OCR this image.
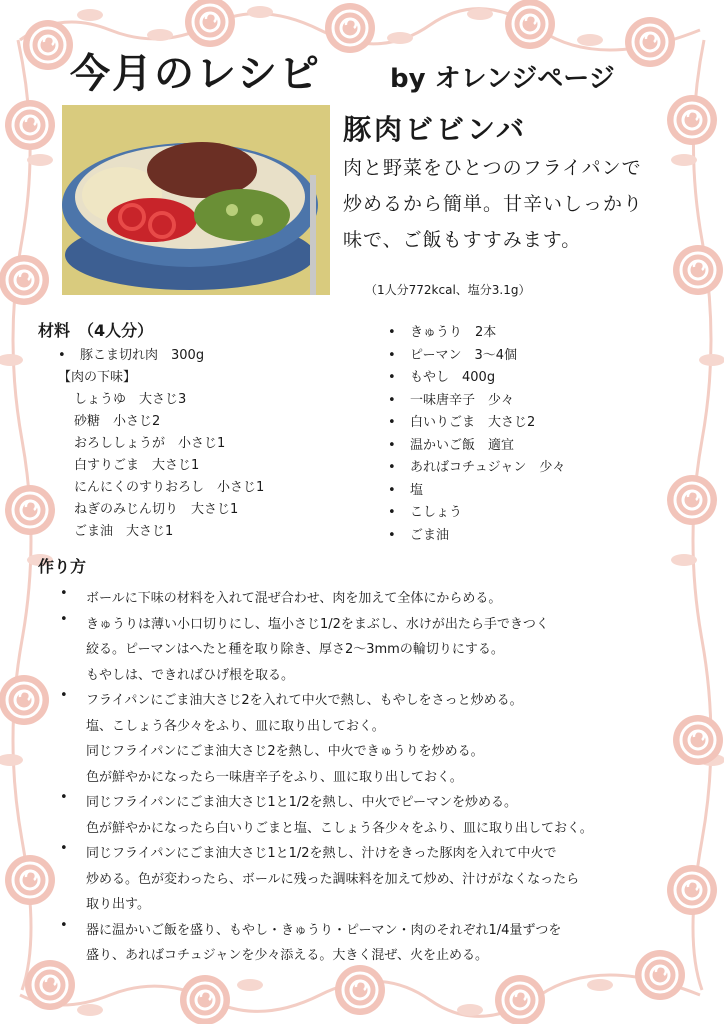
今月のレシピ	by オレンジページ
豚肉ビビンバ
肉と野菜をひとつのフライパンで
炒めるから簡単。甘辛いしっかり
味で、ご飯もすすみます。
（1人分772kcal、塩分3.1g）
材料　（4人分）
• 豚こま切れ肉　300g
【肉の下味】
しょうゆ　大さじ3
砂糖　小さじ2
おろししょうが　小さじ1
白すりごま　大さじ1
にんにくのすりおろし　小さじ1
ねぎのみじん切り　大さじ1
ごま油　大さじ1
• きゅうり　2本
• ピーマン　3〜4個
• もやし　400g
• 一味唐辛子　少々
• 白いりごま　大さじ2
• 温かいご飯　適宜
• あればコチュジャン　少々
• 塩
• こしょう
• ごま油
作り方
• ボールに下味の材料を入れて混ぜ合わせ、肉を加えて全体にからめる。
• きゅうりは薄い小口切りにし、塩小さじ1/2をまぶし、水けが出たら手できつく
絞る。ピーマンはへたと種を取り除き、厚さ2〜3mmの輪切りにする。
もやしは、できればひげ根を取る。
• フライパンにごま油大さじ2を入れて中火で熱し、もやしをさっと炒める。
塩、こしょう各少々をふり、皿に取り出しておく。
同じフライパンにごま油大さじ2を熱し、中火できゅうりを炒める。
色が鮮やかになったら一味唐辛子をふり、皿に取り出しておく。
• 同じフライパンにごま油大さじ1と1/2を熱し、中火でピーマンを炒める。
色が鮮やかになったら白いりごまと塩、こしょう各少々をふり、皿に取り出しておく。
• 同じフライパンにごま油大さじ1と1/2を熱し、汁けをきった豚肉を入れて中火で
炒める。色が変わったら、ボールに残った調味料を加えて炒め、汁けがなくなったら
取り出す。
• 器に温かいご飯を盛り、もやし・きゅうり・ピーマン・肉のそれぞれ1/4量ずつを
盛り、あればコチュジャンを少々添える。大きく混ぜ、火を止める。
